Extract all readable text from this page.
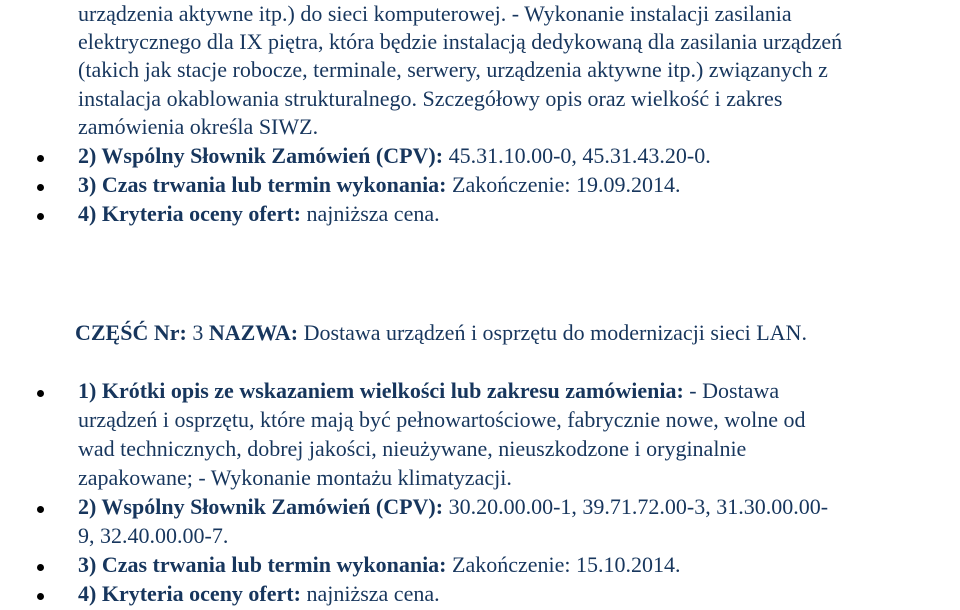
urządzenia aktywne itp.) do sieci komputerowej. - Wykonanie instalacji zasilania
elektrycznego dla IX piętra, która będzie instalacją dedykowaną dla zasilania urządzeń
(takich jak stacje robocze, terminale, serwery, urządzenia aktywne itp.) związanych z
instalacja okablowania strukturalnego. Szczegółowy opis oraz wielkość i zakres
zamówienia określa SIWZ.
2) Wspólny Słownik Zamówień (CPV): 45.31.10.00-0, 45.31.43.20-0.
3) Czas trwania lub termin wykonania: Zakończenie: 19.09.2014.
4) Kryteria oceny ofert: najniższa cena.
CZĘŚĆ Nr: 3 NAZWA: Dostawa urządzeń i osprzętu do modernizacji sieci LAN.
1) Krótki opis ze wskazaniem wielkości lub zakresu zamówienia: - Dostawa
urządzeń i osprzętu, które mają być pełnowartościowe, fabrycznie nowe, wolne od
wad technicznych, dobrej jakości, nieużywane, nieuszkodzone i oryginalnie
zapakowane; - Wykonanie montażu klimatyzacji.
2) Wspólny Słownik Zamówień (CPV): 30.20.00.00-1, 39.71.72.00-3, 31.30.00.00-
9, 32.40.00.00-7.
3) Czas trwania lub termin wykonania: Zakończenie: 15.10.2014.
4) Kryteria oceny ofert: najniższa cena.
